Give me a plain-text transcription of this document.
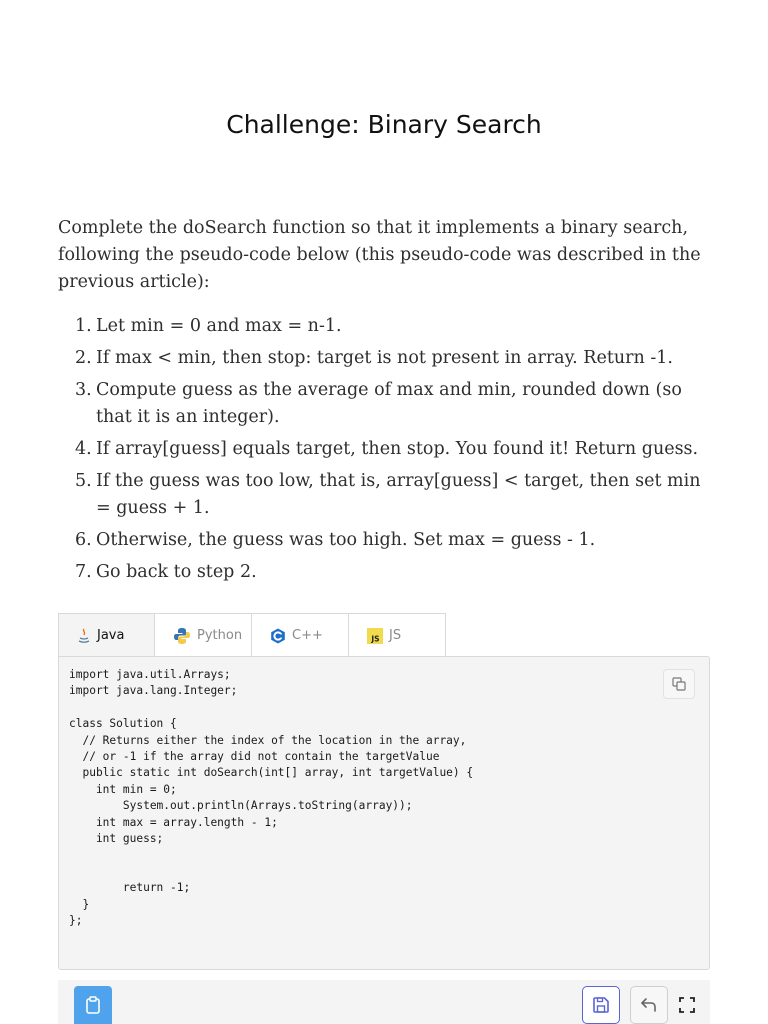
Challenge: Binary Search

Complete the doSearch function so that it implements a binary search, following the pseudo-code below (this pseudo-code was described in the previous article):

1. Let min = 0 and max = n-1.
2. If max < min, then stop: target is not present in array. Return -1.
3. Compute guess as the average of max and min, rounded down (so that it is an integer).
4. If array[guess] equals target, then stop. You found it! Return guess.
5. If the guess was too low, that is, array[guess] < target, then set min = guess + 1.
6. Otherwise, the guess was too high. Set max = guess - 1.
7. Go back to step 2.
Java	Python	C++	JS JS
import java.util.Arrays;
import java.lang.Integer;

class Solution {
// Returns either the index of the location in the array,
// or -1 if the array did not contain the targetValue
public static int doSearch(int[] array, int targetValue) {
int min = 0;
System.out.println(Arrays.toString(array));
int max = array.length - 1;
int guess;

return -1;
}
};
